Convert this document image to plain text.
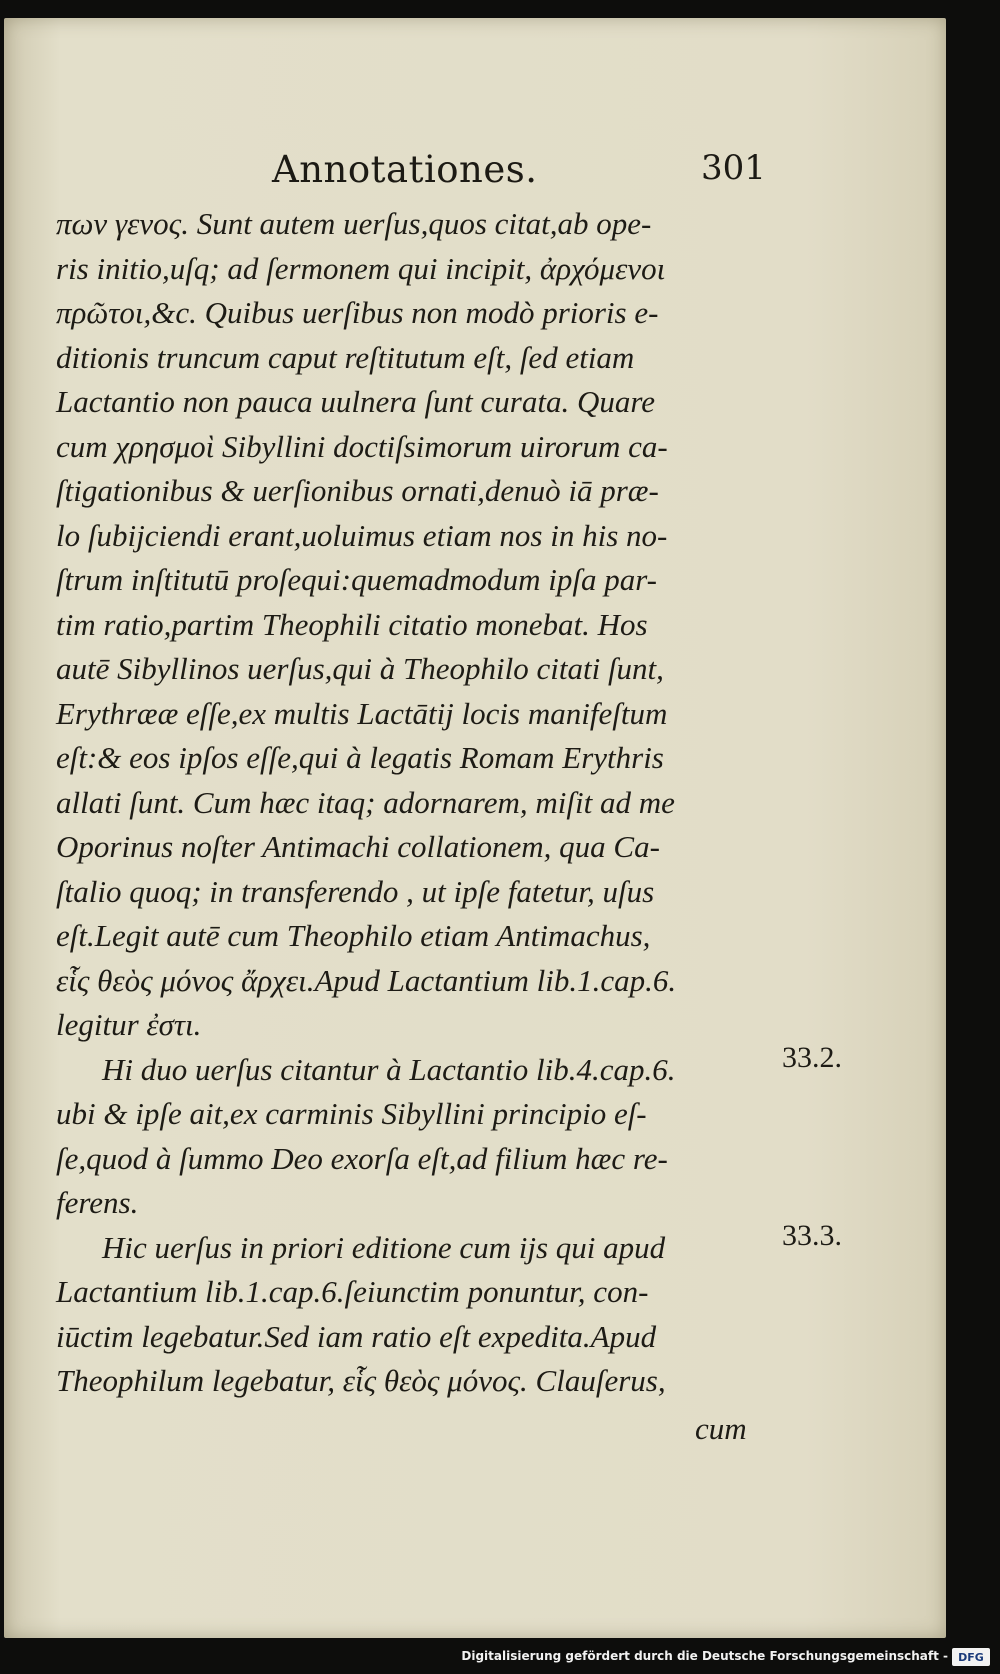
Annotationes.	301
πων γενος. Sunt autem uerſus,quos citat,ab ope-
ris initio,uſq; ad ſermonem qui incipit, ἀρχόμενοι
πρῶτοι,&c. Quibus uerſibus non modò prioris e-
ditionis truncum caput reſtitutum eſt, ſed etiam
Lactantio non pauca uulnera ſunt curata. Quare
cum χρησμοὶ Sibyllini doctiſsimorum uirorum ca-
ſtigationibus & uerſionibus ornati,denuò iā præ-
lo ſubijciendi erant,uoluimus etiam nos in his no-
ſtrum inſtitutū proſequi:quemadmodum ipſa par-
tim ratio,partim Theophili citatio monebat. Hos
autē Sibyllinos uerſus,qui à Theophilo citati ſunt,
Erythrææ eſſe,ex multis Lactātij locis manifeſtum
eſt:& eos ipſos eſſe,qui à legatis Romam Erythris
allati ſunt. Cum hæc itaq; adornarem, miſit ad me
Oporinus noſter Antimachi collationem, qua Ca-
ſtalio quoq; in transferendo , ut ipſe fatetur, uſus
eſt.Legit autē cum Theophilo etiam Antimachus,
εἷς θεὸς μόνος ἄρχει.Apud Lactantium lib.1.cap.6.
legitur ἐστι.
Hi duo uerſus citantur à Lactantio lib.4.cap.6.
ubi & ipſe ait,ex carminis Sibyllini principio eſ-
ſe,quod à ſummo Deo exorſa eſt,ad filium hæc re-
ferens.
Hic uerſus in priori editione cum ijs qui apud
Lactantium lib.1.cap.6.ſeiunctim ponuntur, con-
iūctim legebatur.Sed iam ratio eſt expedita.Apud
Theophilum legebatur, εἷς θεὸς μόνος. Clauſerus,
33.2.
33.3.
cum
Digitalisierung gefördert durch die Deutsche Forschungsgemeinschaft - DFG
